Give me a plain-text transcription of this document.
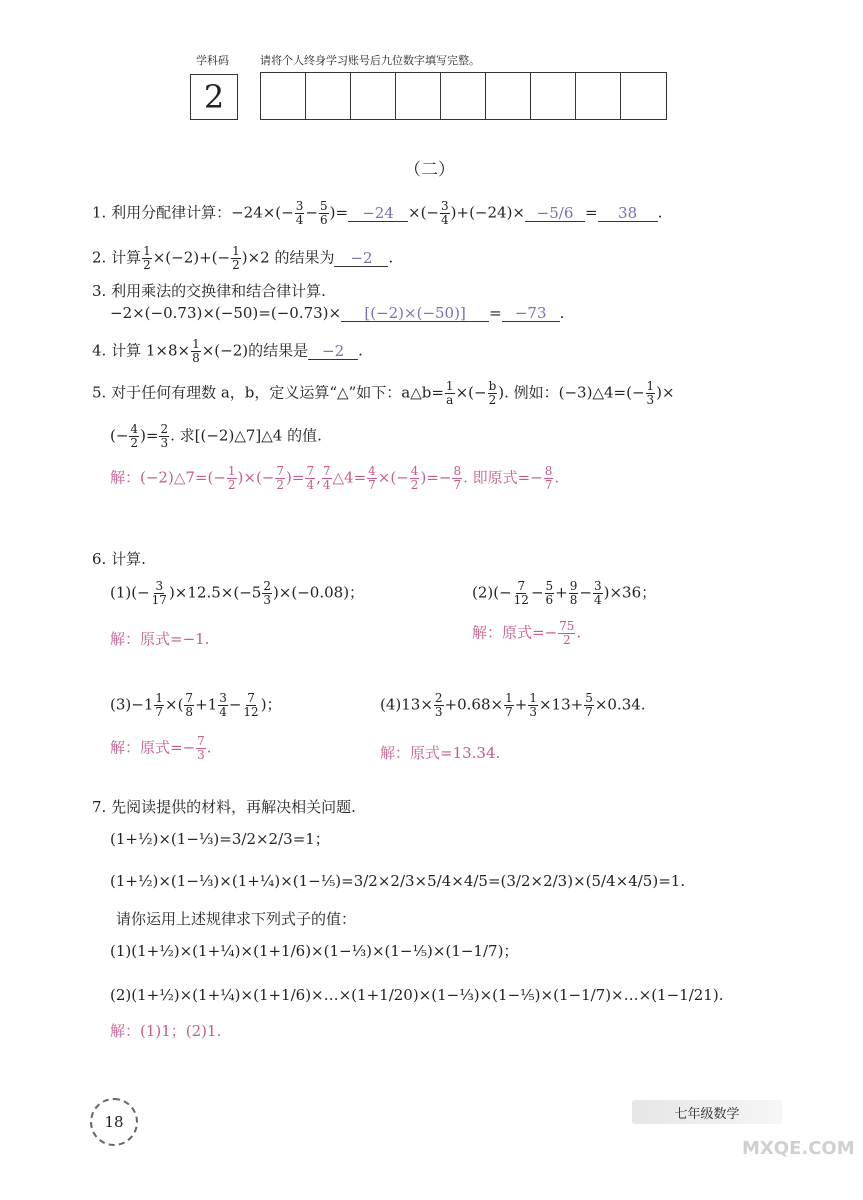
学科码	请将个人终身学习账号后九位数字填写完整。
2
（二）
1. 利用分配律计算：$-24\times(- \frac{3}{4} - \frac{5}{6}$ )= −24 ×(− $\frac{3}{4} )+(-24)\times -5/6 = 38$ .
2. 计算 $\frac{1}{2} \times(-2)+(- \frac{1}{2} )\times 2$ 的结果为 −2 .
3. 利用乘法的交换律和结合律计算.
−2×(−0.73)×(−50)=(−0.73)× [(−2)×(−50)] = −73 .
4. 计算 $1\times 8\times \frac{1}{8} \times(-2)$的结果是 −2 .
5. 对于任何有理数 a，b，定义运算“△”如下：a△b= $\frac{1}{a}$ ×(− $\frac{b}{2}$ ). 例如：(−3)△4=(− $\frac{1}{3}$ )×
(− $\frac{4}{2}$ )= $\frac{2}{3}$ . 求[(−2)△7]△4 的值.
解：(−2)△7=(− $\frac{1}{2}$ )×(− $\frac{7}{2}$ )= $\frac{7}{4}$ , $\frac{7}{4}$ △4= $\frac{4}{7}$ ×(− $\frac{4}{2}$ )=− $\frac{8}{7}$ . 即原式=− $\frac{8}{7}$ .
6. 计算.
$(1)(- \frac{3}{17} )\times 12.5\times(-5 \frac{2}{3} )\times(-0.08)$；
解：原式=−1.
$(2)(- \frac{7}{12} - \frac{5}{6} + \frac{9}{8} - \frac{3}{4} )\times 36$；
解：原式=− $\frac{75}{2}$ .
$(3)-1 \frac{1}{7}$ ×( $\frac{7}{8} +1 \frac{3}{4} - \frac{7}{12}$ )；
解：原式=− $\frac{7}{3}$ .
$(4)13\times \frac{2}{3} +0.68\times \frac{1}{7} + \frac{1}{3} \times 13+ \frac{5}{7} \times 0.34$.
解：原式=13.34.
7. 先阅读提供的材料，再解决相关问题.
(1+½)×(1−⅓)=3/2×2/3=1；
(1+½)×(1−⅓)×(1+¼)×(1−⅕)=3/2×2/3×5/4×4/5=(3/2×2/3)×(5/4×4/5)=1.
请你运用上述规律求下列式子的值：
(1)(1+½)×(1+¼)×(1+1/6)×(1−⅓)×(1−⅕)×(1−1/7)；
(2)(1+½)×(1+¼)×(1+1/6)×…×(1+1/20)×(1−⅓)×(1−⅕)×(1−1/7)×…×(1−1/21).
解：(1)1；(2)1.
18	七年级数学
MXQE.COM
